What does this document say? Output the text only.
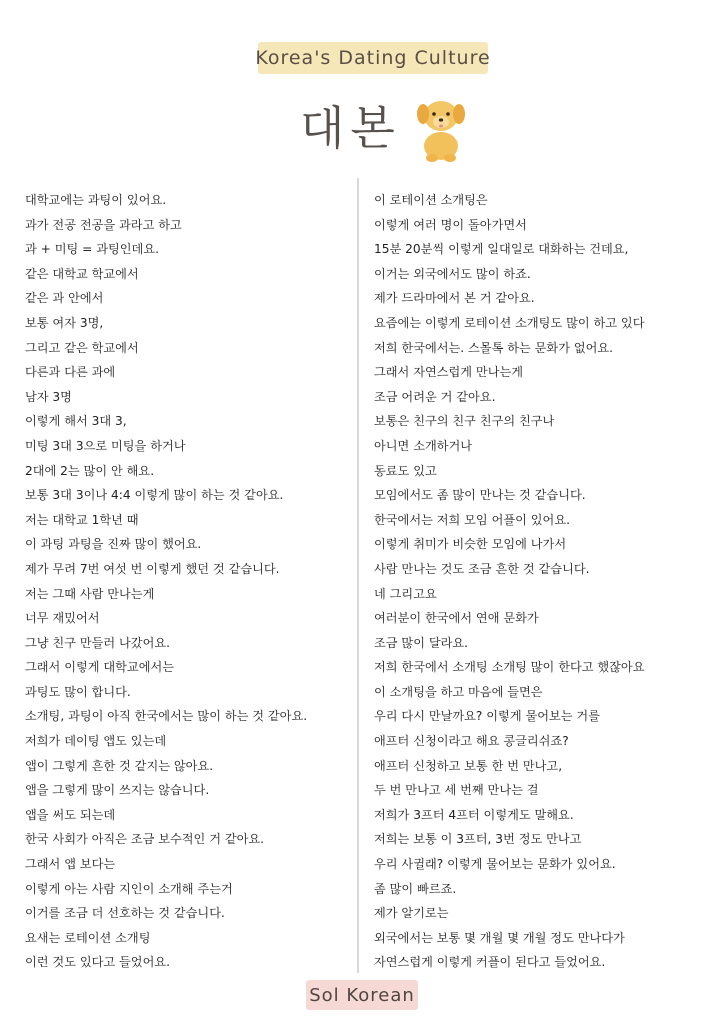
Korea's Dating Culture
대본
대학교에는 과팅이 있어요.
과가 전공 전공을 과라고 하고
과 + 미팅 = 과팅인데요.
같은 대학교 학교에서
같은 과 안에서
보통 여자 3명,
그리고 같은 학교에서
다른과 다른 과에
남자 3명
이렇게 해서 3대 3,
미팅 3대 3으로 미팅을 하거나
2대에 2는 많이 안 해요.
보통 3대 3이나 4:4 이렇게 많이 하는 것 같아요.
저는 대학교 1학년 때
이 과팅 과팅을 진짜 많이 했어요.
제가 무려 7번 여섯 번 이렇게 했던 것 같습니다.
저는 그때 사람 만나는게
너무 재밌어서
그냥 친구 만들러 나갔어요.
그래서 이렇게 대학교에서는
과팅도 많이 합니다.
소개팅, 과팅이 아직 한국에서는 많이 하는 것 같아요.
저희가 데이팅 앱도 있는데
앱이 그렇게 흔한 것 같지는 않아요.
앱을 그렇게 많이 쓰지는 않습니다.
앱을 써도 되는데
한국 사회가 아직은 조금 보수적인 거 같아요.
그래서 앱 보다는
이렇게 아는 사람 지인이 소개해 주는거
이거를 조금 더 선호하는 것 같습니다.
요새는 로테이션 소개팅
이런 것도 있다고 들었어요.
이 로테이션 소개팅은
이렇게 여러 명이 돌아가면서
15분 20분씩 이렇게 일대일로 대화하는 건데요,
이거는 외국에서도 많이 하죠.
제가 드라마에서 본 거 같아요.
요즘에는 이렇게 로테이션 소개팅도 많이 하고 있다
저희 한국에서는. 스몰톡 하는 문화가 없어요.
그래서 자연스럽게 만나는게
조금 어려운 거 같아요.
보통은 친구의 친구 친구의 친구나
아니면 소개하거나
동료도 있고
모임에서도 좀 많이 만나는 것 같습니다.
한국에서는 저희 모임 어플이 있어요.
이렇게 취미가 비슷한 모임에 나가서
사람 만나는 것도 조금 흔한 것 같습니다.
네 그리고요
여러분이 한국에서 연애 문화가
조금 많이 달라요.
저희 한국에서 소개팅 소개팅 많이 한다고 했잖아요
이 소개팅을 하고 마음에 들면은
우리 다시 만날까요? 이렇게 물어보는 거를
애프터 신청이라고 해요 콩글리쉬죠?
애프터 신청하고 보통 한 번 만나고,
두 번 만나고 세 번째 만나는 걸
저희가 3프터 4프터 이렇게도 말해요.
저희는 보통 이 3프터, 3번 정도 만나고
우리 사귈래? 이렇게 물어보는 문화가 있어요.
좀 많이 빠르죠.
제가 알기로는
외국에서는 보통 몇 개월 몇 개월 정도 만나다가
자연스럽게 이렇게 커플이 된다고 들었어요.
Sol Korean
